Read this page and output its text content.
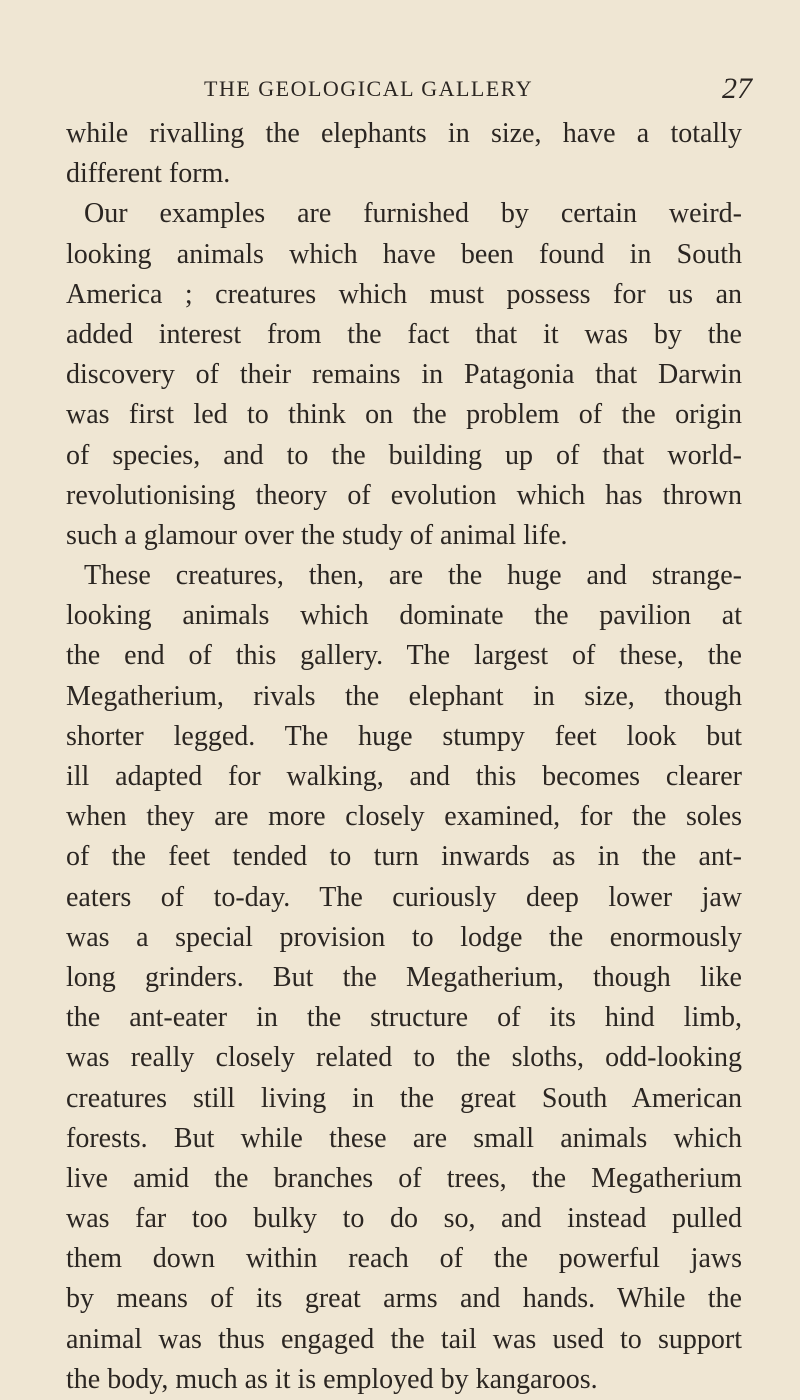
THE GEOLOGICAL GALLERY	27
while rivalling the elephants in size, have a totally
different form.
Our examples are furnished by certain weird-
looking animals which have been found in South
America ; creatures which must possess for us an
added interest from the fact that it was by the
discovery of their remains in Patagonia that Darwin
was first led to think on the problem of the origin
of species, and to the building up of that world-
revolutionising theory of evolution which has thrown
such a glamour over the study of animal life.
These creatures, then, are the huge and strange-
looking animals which dominate the pavilion at
the end of this gallery. The largest of these, the
Megatherium, rivals the elephant in size, though
shorter legged. The huge stumpy feet look but
ill adapted for walking, and this becomes clearer
when they are more closely examined, for the soles
of the feet tended to turn inwards as in the ant-
eaters of to-day. The curiously deep lower jaw
was a special provision to lodge the enormously
long grinders. But the Megatherium, though like
the ant-eater in the structure of its hind limb,
was really closely related to the sloths, odd-looking
creatures still living in the great South American
forests. But while these are small animals which
live amid the branches of trees, the Megatherium
was far too bulky to do so, and instead pulled
them down within reach of the powerful jaws
by means of its great arms and hands. While the
animal was thus engaged the tail was used to support
the body, much as it is employed by kangaroos.
